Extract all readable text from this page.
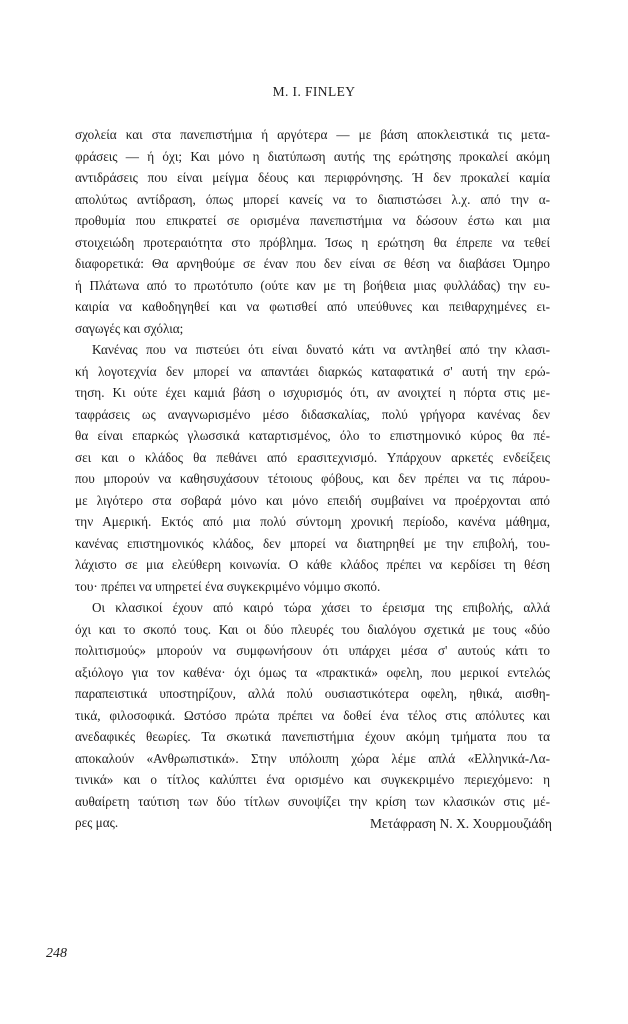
M. I. FINLEY
σχολεία και στα πανεπιστήμια ή αργότερα — με βάση αποκλειστικά τις μετα-
φράσεις — ή όχι; Και μόνο η διατύπωση αυτής της ερώτησης προκαλεί ακόμη
αντιδράσεις που είναι μείγμα δέους και περιφρόνησης. Ή δεν προκαλεί καμία
απολύτως αντίδραση, όπως μπορεί κανείς να το διαπιστώσει λ.χ. από την α-
προθυμία που επικρατεί σε ορισμένα πανεπιστήμια να δώσουν έστω και μια
στοιχειώδη προτεραιότητα στο πρόβλημα. Ίσως η ερώτηση θα έπρεπε να τεθεί
διαφορετικά: Θα αρνηθούμε σε έναν που δεν είναι σε θέση να διαβάσει Όμηρο
ή Πλάτωνα από το πρωτότυπο (ούτε καν με τη βοήθεια μιας φυλλάδας) την ευ-
καιρία να καθοδηγηθεί και να φωτισθεί από υπεύθυνες και πειθαρχημένες ει-
σαγωγές και σχόλια;
Κανένας που να πιστεύει ότι είναι δυνατό κάτι να αντληθεί από την κλασι-
κή λογοτεχνία δεν μπορεί να απαντάει διαρκώς καταφατικά σ' αυτή την ερώ-
τηση. Κι ούτε έχει καμιά βάση ο ισχυρισμός ότι, αν ανοιχτεί η πόρτα στις με-
ταφράσεις ως αναγνωρισμένο μέσο διδασκαλίας, πολύ γρήγορα κανένας δεν
θα είναι επαρκώς γλωσσικά καταρτισμένος, όλο το επιστημονικό κύρος θα πέ-
σει και ο κλάδος θα πεθάνει από ερασιτεχνισμό. Υπάρχουν αρκετές ενδείξεις
που μπορούν να καθησυχάσουν τέτοιους φόβους, και δεν πρέπει να τις πάρου-
με λιγότερο στα σοβαρά μόνο και μόνο επειδή συμβαίνει να προέρχονται από
την Αμερική. Εκτός από μια πολύ σύντομη χρονική περίοδο, κανένα μάθημα,
κανένας επιστημονικός κλάδος, δεν μπορεί να διατηρηθεί με την επιβολή, του-
λάχιστο σε μια ελεύθερη κοινωνία. Ο κάθε κλάδος πρέπει να κερδίσει τη θέση
του· πρέπει να υπηρετεί ένα συγκεκριμένο νόμιμο σκοπό.
Οι κλασικοί έχουν από καιρό τώρα χάσει το έρεισμα της επιβολής, αλλά
όχι και το σκοπό τους. Και οι δύο πλευρές του διαλόγου σχετικά με τους «δύο
πολιτισμούς» μπορούν να συμφωνήσουν ότι υπάρχει μέσα σ' αυτούς κάτι το
αξιόλογο για τον καθένα· όχι όμως τα «πρακτικά» οφελη, που μερικοί εντελώς
παραπειστικά υποστηρίζουν, αλλά πολύ ουσιαστικότερα οφελη, ηθικά, αισθη-
τικά, φιλοσοφικά. Ωστόσο πρώτα πρέπει να δοθεί ένα τέλος στις απόλυτες και
ανεδαφικές θεωρίες. Τα σκωτικά πανεπιστήμια έχουν ακόμη τμήματα που τα
αποκαλούν «Ανθρωπιστικά». Στην υπόλοιπη χώρα λέμε απλά «Ελληνικά-Λα-
τινικά» και ο τίτλος καλύπτει ένα ορισμένο και συγκεκριμένο περιεχόμενο: η
αυθαίρετη ταύτιση των δύο τίτλων συνοψίζει την κρίση των κλασικών στις μέ-
ρες μας.	Μετάφραση Ν. Χ. Χουρμουζιάδη
248
